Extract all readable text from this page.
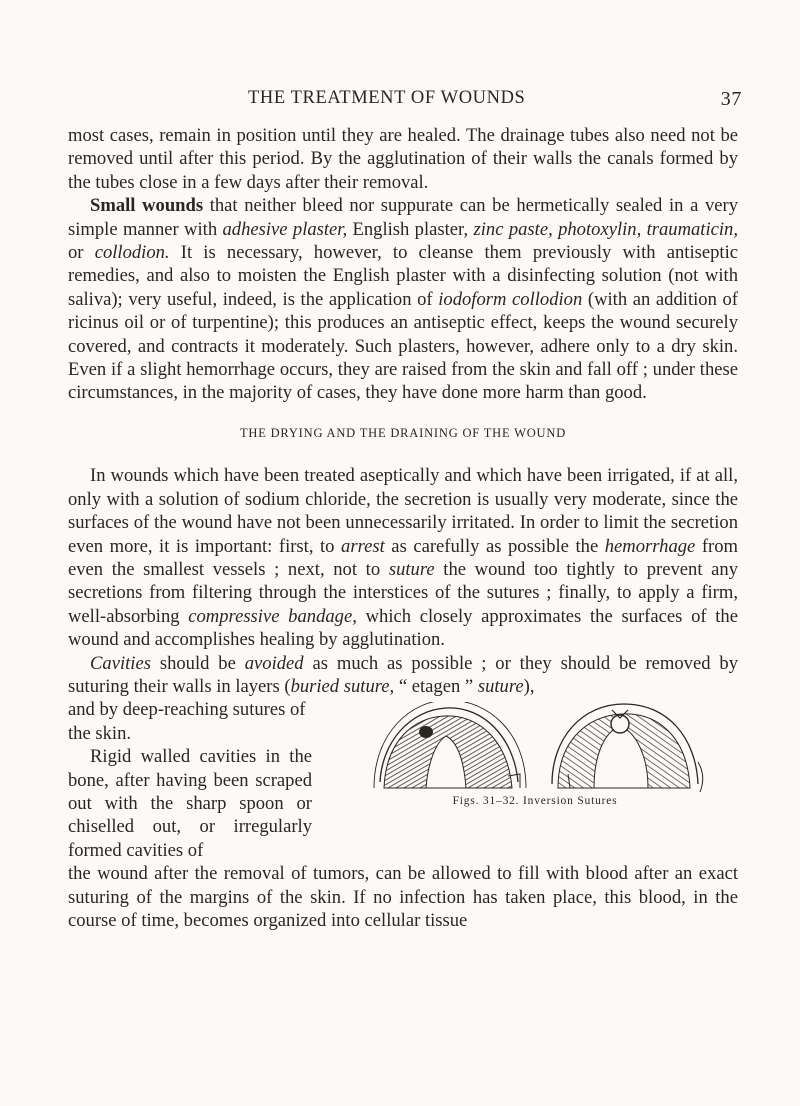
THE TREATMENT OF WOUNDS	37

most cases, remain in position until they are healed. The drainage tubes also need not be removed until after this period. By the agglutination of their walls the canals formed by the tubes close in a few days after their removal.

Small wounds that neither bleed nor suppurate can be hermetically sealed in a very simple manner with adhesive plaster, English plaster, zinc paste, photoxylin, traumaticin, or collodion. It is necessary, however, to cleanse them previously with antiseptic remedies, and also to moisten the English plaster with a disinfecting solution (not with saliva); very useful, indeed, is the application of iodoform collodion (with an addition of ricinus oil or of turpentine); this produces an antiseptic effect, keeps the wound securely covered, and contracts it moderately. Such plasters, however, adhere only to a dry skin. Even if a slight hemorrhage occurs, they are raised from the skin and fall off ; under these circumstances, in the majority of cases, they have done more harm than good.

THE DRYING AND THE DRAINING OF THE WOUND

In wounds which have been treated aseptically and which have been irrigated, if at all, only with a solution of sodium chloride, the secretion is usually very moderate, since the surfaces of the wound have not been unnecessarily irritated. In order to limit the secretion even more, it is important: first, to arrest as carefully as possible the hemorrhage from even the smallest vessels ; next, not to suture the wound too tightly to prevent any secretions from filtering through the interstices of the sutures ; finally, to apply a firm, well-absorbing compressive bandage, which closely approximates the surfaces of the wound and accomplishes healing by agglutination.

Cavities should be avoided as much as possible ; or they should be removed by suturing their walls in layers (buried suture, “ etagen ” suture),

Figs. 31–32. Inversion Sutures

and by deep-reaching sutures of the skin.

Rigid walled cavities in the bone, after having been scraped out with the sharp spoon or chiselled out, or irregularly formed cavities of

the wound after the removal of tumors, can be allowed to fill with blood after an exact suturing of the margins of the skin. If no infection has taken place, this blood, in the course of time, becomes organized into cellular tissue
